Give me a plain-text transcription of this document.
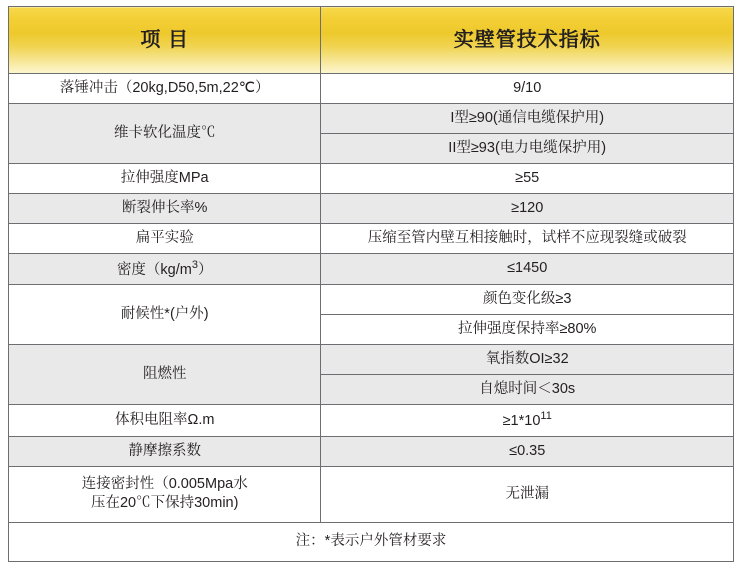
项 目	实壁管技术指标
落锤冲击（20kg,D50,5m,22℃）	9/10
维卡软化温度℃	I型≥90(通信电缆保护用)
	II型≥93(电力电缆保护用)
拉伸强度MPa	≥55
断裂伸长率%	≥120
扁平实验	压缩至管内壁互相接触时，试样不应现裂缝或破裂
密度$(kg/m^3)$	≤1450
耐候性*(户外)	颜色变化级≥3
	拉伸强度保持率≥80%
阻燃性	氧指数OI≥32
	自熄时间＜30s
体积电阻率Ω.m	$\ge 1*10^{11}$
静摩擦系数	≤0.35
连接密封性（0.005Mpa水
压在20℃下保持30min)	无泄漏
注：*表示户外管材要求	
